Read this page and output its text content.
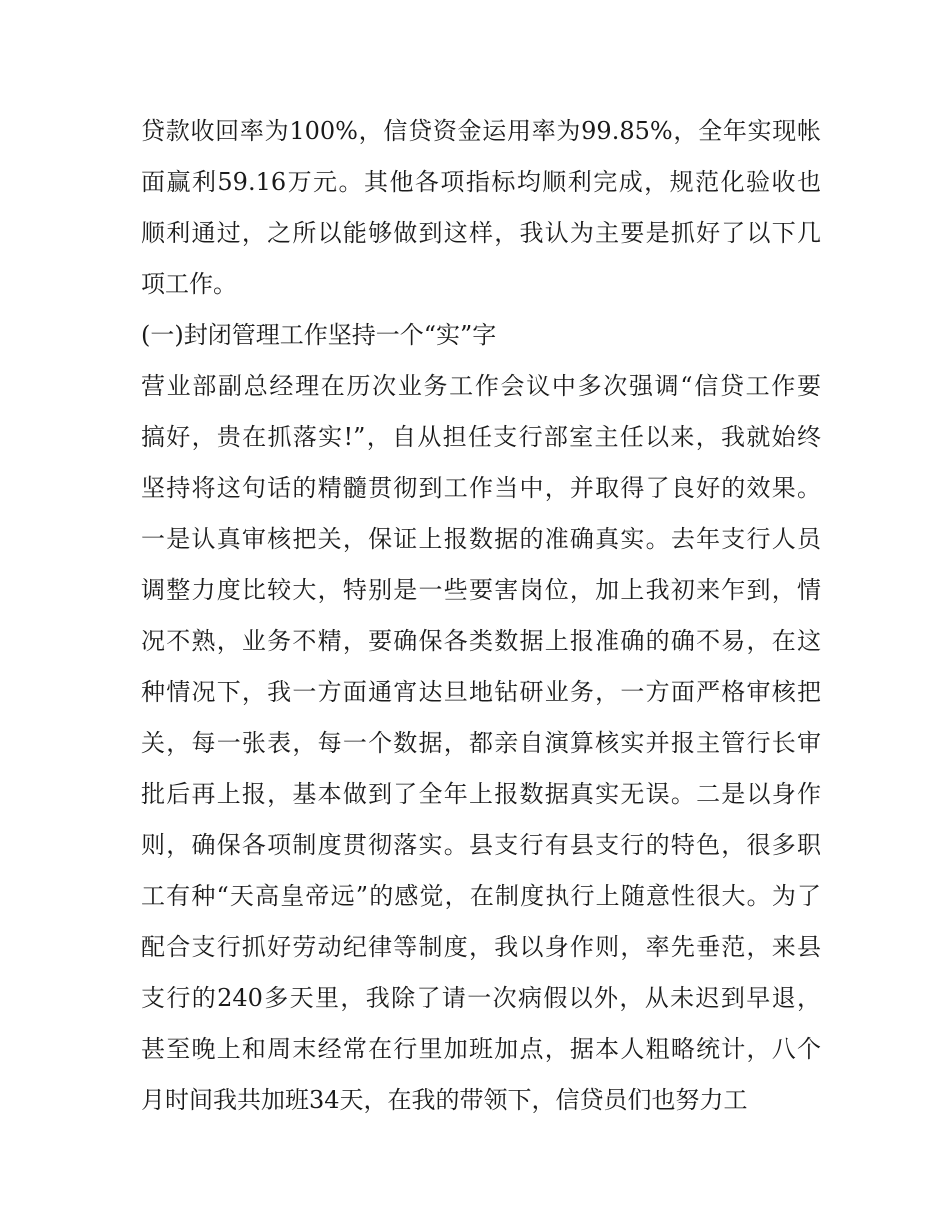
贷款收回率为100%，信贷资金运用率为99.85%，全年实现帐
面赢利59.16万元。其他各项指标均顺利完成，规范化验收也
顺利通过，之所以能够做到这样，我认为主要是抓好了以下几
项工作。
(一)封闭管理工作坚持一个“实”字
营业部副总经理在历次业务工作会议中多次强调“信贷工作要
搞好，贵在抓落实!”，自从担任支行部室主任以来，我就始终
坚持将这句话的精髓贯彻到工作当中，并取得了良好的效果。
一是认真审核把关，保证上报数据的准确真实。去年支行人员
调整力度比较大，特别是一些要害岗位，加上我初来乍到，情
况不熟，业务不精，要确保各类数据上报准确的确不易，在这
种情况下，我一方面通宵达旦地钻研业务，一方面严格审核把
关，每一张表，每一个数据，都亲自演算核实并报主管行长审
批后再上报，基本做到了全年上报数据真实无误。二是以身作
则，确保各项制度贯彻落实。县支行有县支行的特色，很多职
工有种“天高皇帝远”的感觉，在制度执行上随意性很大。为了
配合支行抓好劳动纪律等制度，我以身作则，率先垂范，来县
支行的240多天里，我除了请一次病假以外，从未迟到早退，
甚至晚上和周末经常在行里加班加点，据本人粗略统计，八个
月时间我共加班34天，在我的带领下，信贷员们也努力工
